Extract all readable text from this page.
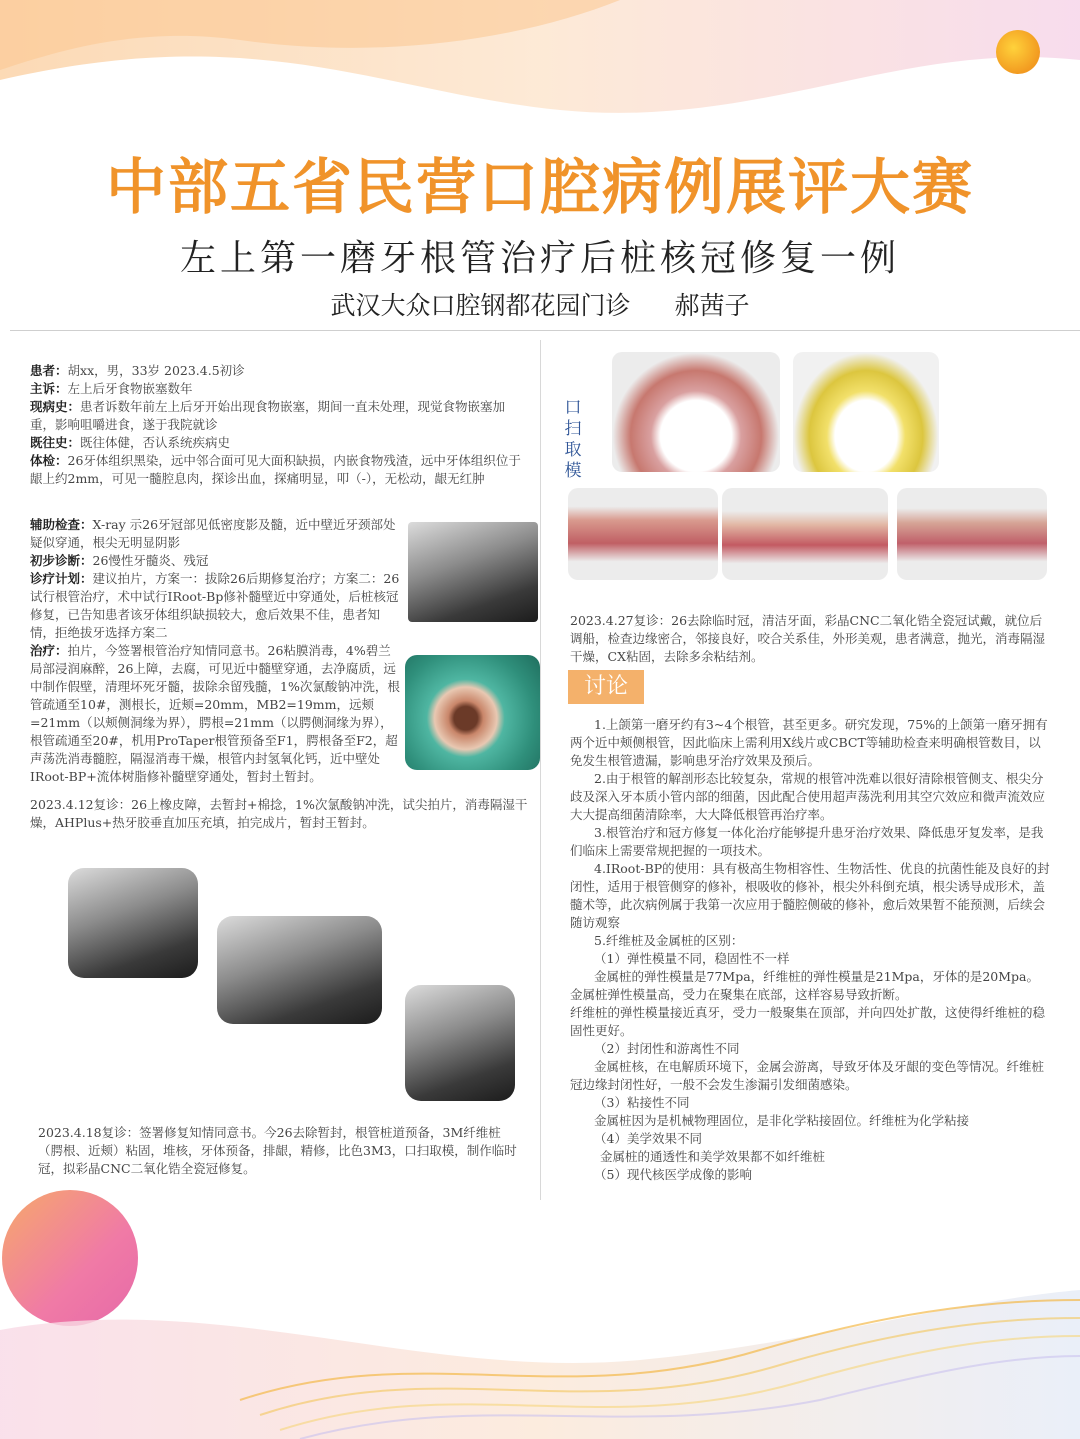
中部五省民营口腔病例展评大赛
左上第一磨牙根管治疗后桩核冠修复一例
武汉大众口腔钢都花园门诊 郝茜子
患者：胡xx，男，33岁 2023.4.5初诊
主诉：左上后牙食物嵌塞数年
现病史：患者诉数年前左上后牙开始出现食物嵌塞，期间一直未处理，现觉食物嵌塞加重，影响咀嚼进食，遂于我院就诊
既往史：既往体健，否认系统疾病史
体检：26牙体组织黑染，远中邻合面可见大面积缺损，内嵌食物残渣，远中牙体组织位于龈上约2mm，可见一髓腔息肉，探诊出血，探痛明显，叩（-），无松动，龈无红肿
辅助检查：X-ray 示26牙冠部见低密度影及髓，近中壁近牙颈部处疑似穿通，根尖无明显阴影
初步诊断：26慢性牙髓炎、残冠
诊疗计划：建议拍片，方案一：拔除26后期修复治疗；方案二：26试行根管治疗，术中试行IRoot-Bp修补髓壁近中穿通处，后桩核冠修复，已告知患者该牙体组织缺损较大，愈后效果不佳，患者知情，拒绝拔牙选择方案二
治疗：拍片，今签署根管治疗知情同意书。26粘膜消毒，4%碧兰局部浸润麻醉，26上障，去腐，可见近中髓壁穿通，去净腐质，远中制作假壁，清理坏死牙髓，拔除余留残髓，1%次氯酸钠冲洗，根管疏通至10#，测根长，近颊=20mm，MB2=19mm，远颊=21mm（以颊侧洞缘为界），腭根=21mm（以腭侧洞缘为界），根管疏通至20#，机用ProTaper根管预备至F1，腭根备至F2，超声荡洗消毒髓腔，隔湿消毒干燥，根管内封氢氧化钙，近中壁处IRoot-BP+流体树脂修补髓壁穿通处，暂封土暂封。
2023.4.12复诊：26上橡皮障，去暂封+棉捻，1%次氯酸钠冲洗，试尖拍片，消毒隔湿干燥，AHPlus+热牙胶垂直加压充填，拍完成片，暂封王暂封。
2023.4.18复诊：签署修复知情同意书。今26去除暂封，根管桩道预备，3M纤维桩（腭根、近颊）粘固，堆核，牙体预备，排龈，精修，比色3M3，口扫取模，制作临时冠，拟彩晶CNC二氧化锆全瓷冠修复。
口扫取模
2023.4.27复诊：26去除临时冠，清洁牙面，彩晶CNC二氧化锆全瓷冠试戴，就位后调船，检查边缘密合，邻接良好，咬合关系佳，外形美观，患者满意，抛光，消毒隔湿干燥，CX粘固，去除多余粘结剂。
讨论
1.上颌第一磨牙约有3~4个根管，甚至更多。研究发现，75%的上颌第一磨牙拥有两个近中颊侧根管，因此临床上需利用X线片或CBCT等辅助检查来明确根管数目，以免发生根管遗漏，影响患牙治疗效果及预后。
2.由于根管的解剖形态比较复杂，常规的根管冲洗难以很好清除根管侧支、根尖分歧及深入牙本质小管内部的细菌，因此配合使用超声荡洗利用其空穴效应和微声流效应大大提高细菌清除率，大大降低根管再治疗率。
3.根管治疗和冠方修复一体化治疗能够提升患牙治疗效果、降低患牙复发率，是我们临床上需要常规把握的一项技术。
4.IRoot-BP的使用：具有极高生物相容性、生物活性、优良的抗菌性能及良好的封闭性，适用于根管侧穿的修补，根吸收的修补，根尖外科倒充填，根尖诱导成形术，盖髓术等，此次病例属于我第一次应用于髓腔侧破的修补，愈后效果暂不能预测，后续会随访观察
5.纤维桩及金属桩的区别：
（1）弹性模量不同，稳固性不一样
金属桩的弹性模量是77Mpa，纤维桩的弹性模量是21Mpa，牙体的是20Mpa。金属桩弹性模量高，受力在聚集在底部，这样容易导致折断。
纤维桩的弹性模量接近真牙，受力一般聚集在顶部，并向四处扩散，这使得纤维桩的稳固性更好。
（2）封闭性和游离性不同
金属桩核，在电解质环境下，金属会游离，导致牙体及牙龈的变色等情况。纤维桩冠边缘封闭性好，一般不会发生渗漏引发细菌感染。
（3）粘接性不同
金属桩因为是机械物理固位，是非化学粘接固位。纤维桩为化学粘接
（4）美学效果不同
金属桩的通透性和美学效果都不如纤维桩
（5）现代核医学成像的影响
